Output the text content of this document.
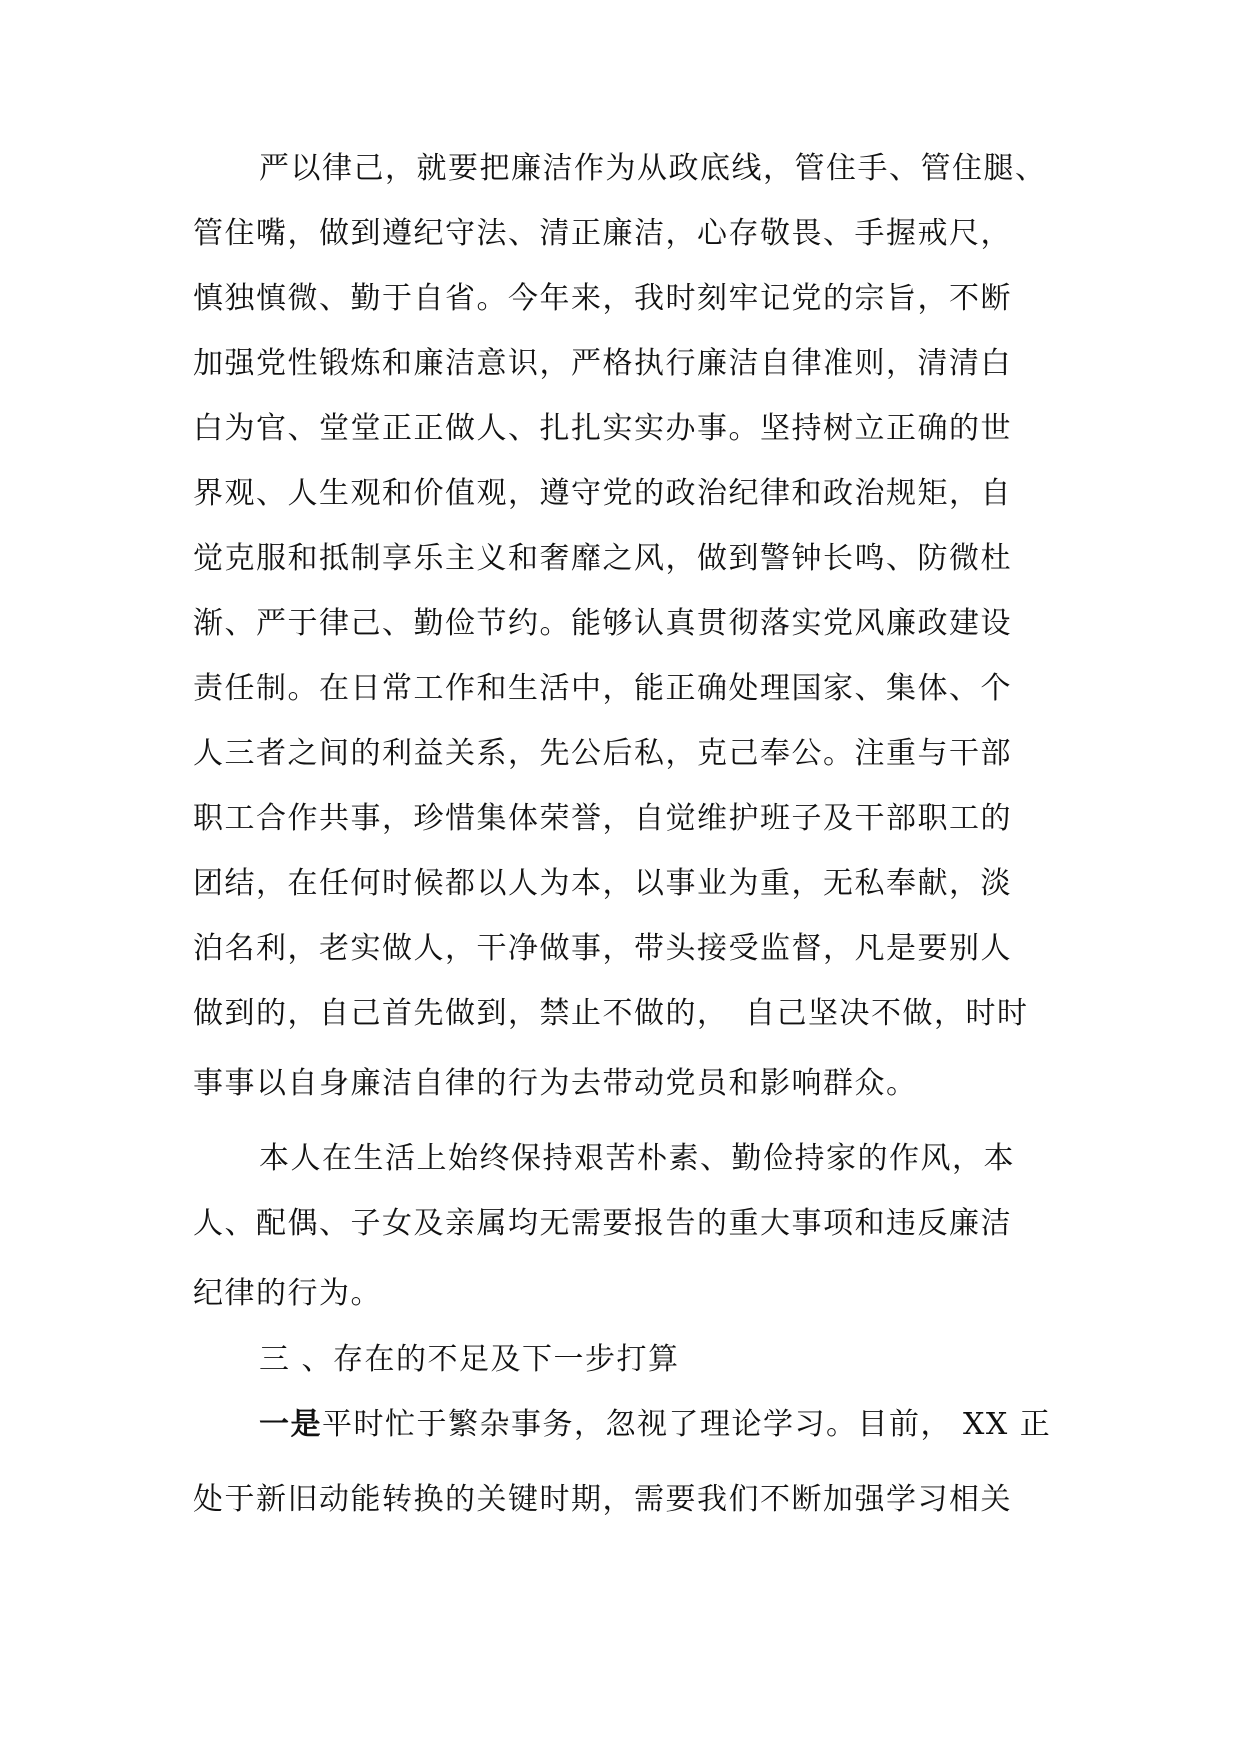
严以律己，就要把廉洁作为从政底线，管住手、管住腿、
管住嘴，做到遵纪守法、清正廉洁，心存敬畏、手握戒尺，
慎独慎微、勤于自省。今年来，我时刻牢记党的宗旨，不断
加强党性锻炼和廉洁意识，严格执行廉洁自律准则，清清白
白为官、堂堂正正做人、扎扎实实办事。坚持树立正确的世
界观、人生观和价值观，遵守党的政治纪律和政治规矩，自
觉克服和抵制享乐主义和奢靡之风，做到警钟长鸣、防微杜
渐、严于律己、勤俭节约。能够认真贯彻落实党风廉政建设
责任制。在日常工作和生活中，能正确处理国家、集体、个
人三者之间的利益关系，先公后私，克己奉公。注重与干部
职工合作共事，珍惜集体荣誉，自觉维护班子及干部职工的
团结，在任何时候都以人为本，以事业为重，无私奉献，淡
泊名利，老实做人，干净做事，带头接受监督，凡是要别人
做到的，自己首先做到，禁止不做的，　自己坚决不做，时时
事事以自身廉洁自律的行为去带动党员和影响群众。
本人在生活上始终保持艰苦朴素、勤俭持家的作风，本
人、配偶、子女及亲属均无需要报告的重大事项和违反廉洁
纪律的行为。
三 、存在的不足及下一步打算
一是平时忙于繁杂事务，忽视了理论学习。目前， XX 正
处于新旧动能转换的关键时期，需要我们不断加强学习相关
